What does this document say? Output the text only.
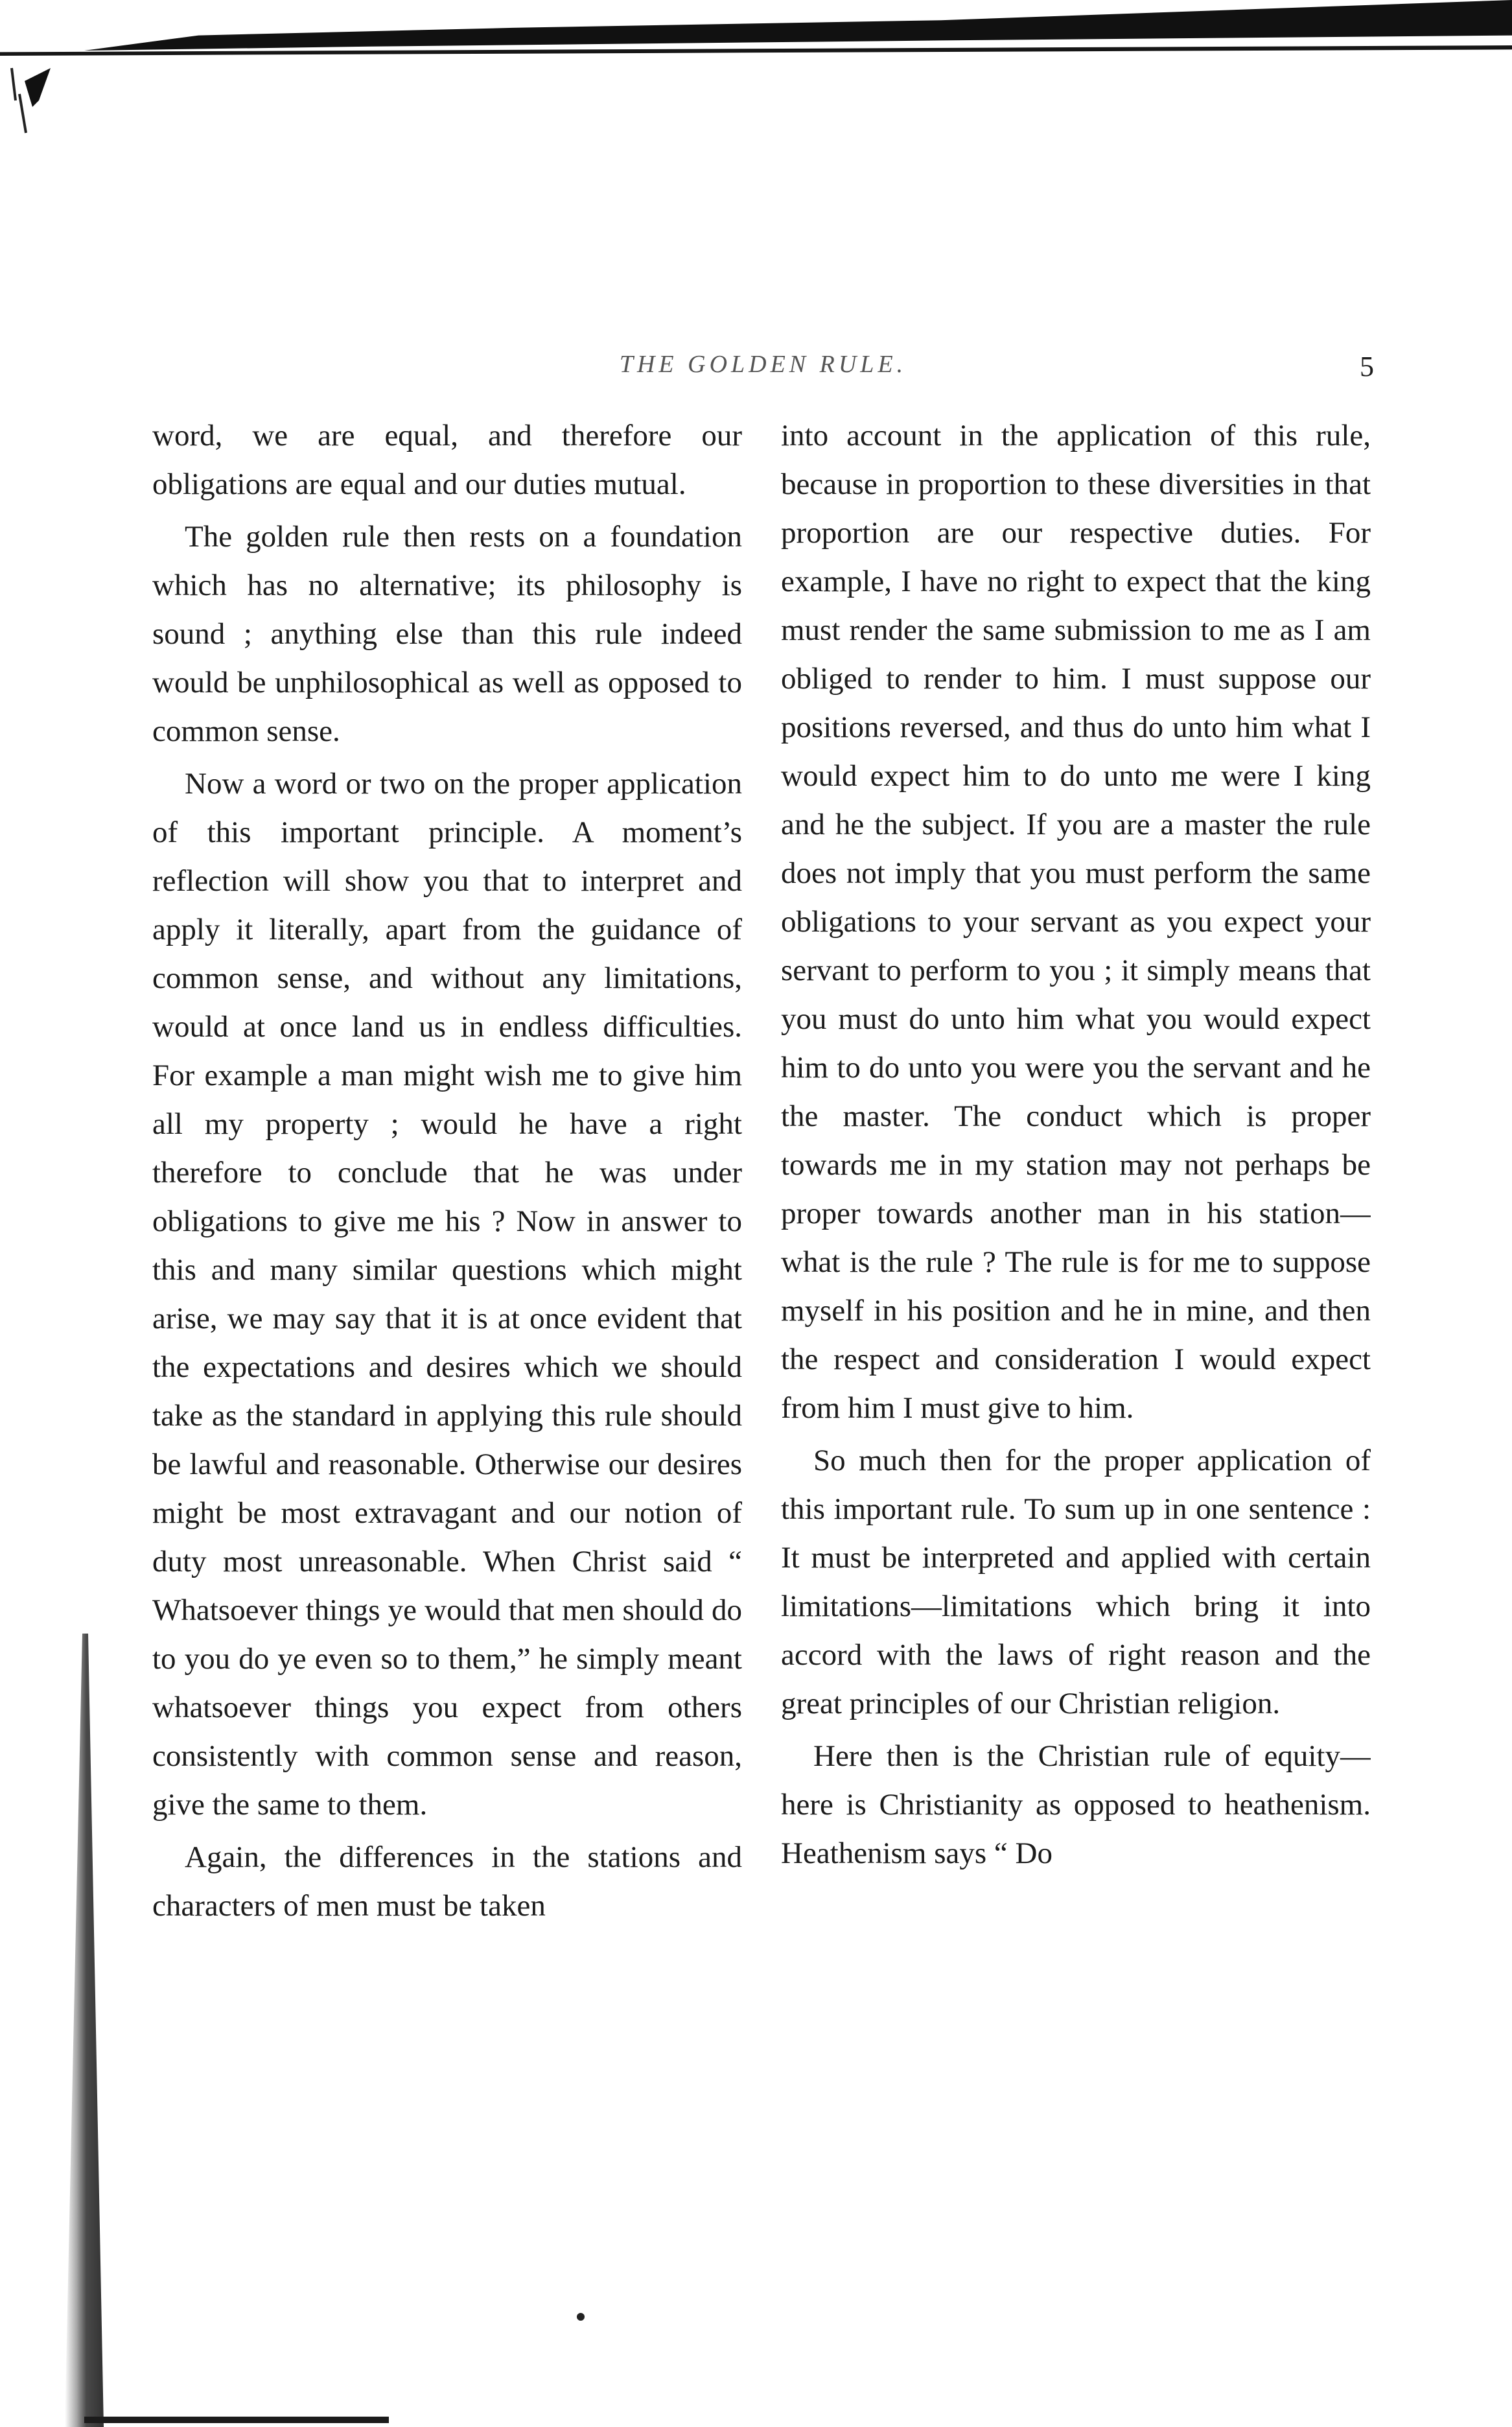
THE GOLDEN RULE.	5

word, we are equal, and therefore our obligations are equal and our duties mutual.

The golden rule then rests on a foundation which has no alternative; its philosophy is sound ; anything else than this rule indeed would be unphilosophical as well as opposed to common sense.

Now a word or two on the proper application of this important principle. A moment’s reflection will show you that to interpret and apply it literally, apart from the guidance of common sense, and without any limitations, would at once land us in endless difficulties. For example a man might wish me to give him all my property ; would he have a right therefore to conclude that he was under obligations to give me his ? Now in answer to this and many similar questions which might arise, we may say that it is at once evident that the expectations and desires which we should take as the standard in applying this rule should be lawful and reasonable. Otherwise our desires might be most extravagant and our notion of duty most unreasonable. When Christ said “ Whatsoever things ye would that men should do to you do ye even so to them,” he simply meant whatsoever things you expect from others consistently with common sense and reason, give the same to them.

Again, the differences in the stations and characters of men must be taken

into account in the application of this rule, because in proportion to these diversities in that proportion are our respective duties. For example, I have no right to expect that the king must render the same submission to me as I am obliged to render to him. I must suppose our positions reversed, and thus do unto him what I would expect him to do unto me were I king and he the subject. If you are a master the rule does not imply that you must perform the same obligations to your servant as you expect your servant to perform to you ; it simply means that you must do unto him what you would expect him to do unto you were you the servant and he the master. The conduct which is proper towards me in my station may not perhaps be proper towards another man in his station—what is the rule ? The rule is for me to suppose myself in his position and he in mine, and then the respect and consideration I would expect from him I must give to him.

So much then for the proper application of this important rule. To sum up in one sentence : It must be interpreted and applied with certain limitations—limitations which bring it into accord with the laws of right reason and the great principles of our Christian religion.

Here then is the Christian rule of equity—here is Christianity as opposed to heathenism. Heathenism says “ Do
